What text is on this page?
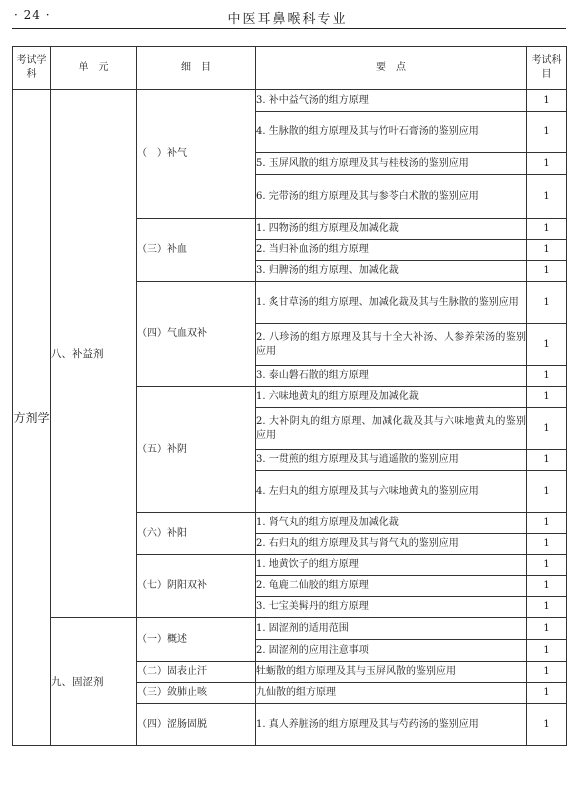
· 24 ·	中医耳鼻喉科专业
考试学科	单　元	细　目	要　点	考试科目
方剂学	八、补益剂	（　）补气	3. 补中益气汤的组方原理	1
			4. 生脉散的组方原理及其与竹叶石膏汤的鉴别应用	1
			5. 玉屏风散的组方原理及其与桂枝汤的鉴别应用	1
			6. 完带汤的组方原理及其与参苓白术散的鉴别应用	1
		（三）补血	1. 四物汤的组方原理及加减化裁	1
			2. 当归补血汤的组方原理	1
			3. 归脾汤的组方原理、加减化裁	1
		（四）气血双补	1. 炙甘草汤的组方原理、加减化裁及其与生脉散的鉴别应用	1
			2. 八珍汤的组方原理及其与十全大补汤、人参养荣汤的鉴别应用	1
			3. 泰山磐石散的组方原理	1
		（五）补阴	1. 六味地黄丸的组方原理及加减化裁	1
			2. 大补阴丸的组方原理、加减化裁及其与六味地黄丸的鉴别应用	1
			3. 一贯煎的组方原理及其与逍遥散的鉴别应用	1
			4. 左归丸的组方原理及其与六味地黄丸的鉴别应用	1
		（六）补阳	1. 肾气丸的组方原理及加减化裁	1
			2. 右归丸的组方原理及其与肾气丸的鉴别应用	1
		（七）阴阳双补	1. 地黄饮子的组方原理	1
			2. 龟鹿二仙胶的组方原理	1
			3. 七宝美髯丹的组方原理	1
	九、固涩剂	（一）概述	1. 固涩剂的适用范围	1
			2. 固涩剂的应用注意事项	1
		（二）固表止汗	牡蛎散的组方原理及其与玉屏风散的鉴别应用	1
		（三）敛肺止咳	九仙散的组方原理	1
		（四）涩肠固脱	1. 真人养脏汤的组方原理及其与芍药汤的鉴别应用	1
